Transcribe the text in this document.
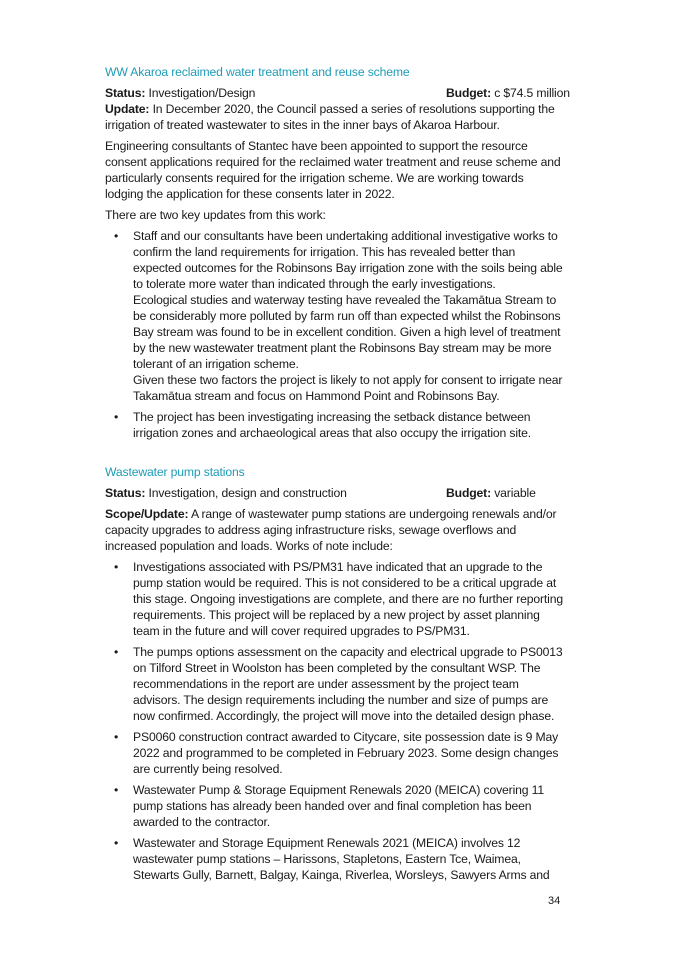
WW Akaroa reclaimed water treatment and reuse scheme
Status: Investigation/Design	Budget: c $74.5 million

Update: In December 2020, the Council passed a series of resolutions supporting the irrigation of treated wastewater to sites in the inner bays of Akaroa Harbour.

Engineering consultants of Stantec have been appointed to support the resource consent applications required for the reclaimed water treatment and reuse scheme and particularly consents required for the irrigation scheme. We are working towards lodging the application for these consents later in 2022.

There are two key updates from this work:

• Staff and our consultants have been undertaking additional investigative works to confirm the land requirements for irrigation. This has revealed better than expected outcomes for the Robinsons Bay irrigation zone with the soils being able to tolerate more water than indicated through the early investigations.
Ecological studies and waterway testing have revealed the Takamātua Stream to be considerably more polluted by farm run off than expected whilst the Robinsons Bay stream was found to be in excellent condition. Given a high level of treatment by the new wastewater treatment plant the Robinsons Bay stream may be more tolerant of an irrigation scheme.
Given these two factors the project is likely to not apply for consent to irrigate near Takamātua stream and focus on Hammond Point and Robinsons Bay.
• The project has been investigating increasing the setback distance between irrigation zones and archaeological areas that also occupy the irrigation site.
Wastewater pump stations
Status: Investigation, design and construction	Budget: variable

Scope/Update: A range of wastewater pump stations are undergoing renewals and/or capacity upgrades to address aging infrastructure risks, sewage overflows and increased population and loads. Works of note include:

• Investigations associated with PS/PM31 have indicated that an upgrade to the pump station would be required. This is not considered to be a critical upgrade at this stage. Ongoing investigations are complete, and there are no further reporting requirements. This project will be replaced by a new project by asset planning team in the future and will cover required upgrades to PS/PM31.
• The pumps options assessment on the capacity and electrical upgrade to PS0013 on Tilford Street in Woolston has been completed by the consultant WSP. The recommendations in the report are under assessment by the project team advisors. The design requirements including the number and size of pumps are now confirmed. Accordingly, the project will move into the detailed design phase.
• PS0060 construction contract awarded to Citycare, site possession date is 9 May 2022 and programmed to be completed in February 2023. Some design changes are currently being resolved.
• Wastewater Pump & Storage Equipment Renewals 2020 (MEICA) covering 11 pump stations has already been handed over and final completion has been awarded to the contractor.
• Wastewater and Storage Equipment Renewals 2021 (MEICA) involves 12 wastewater pump stations – Harissons, Stapletons, Eastern Tce, Waimea, Stewarts Gully, Barnett, Balgay, Kainga, Riverlea, Worsleys, Sawyers Arms and
34
